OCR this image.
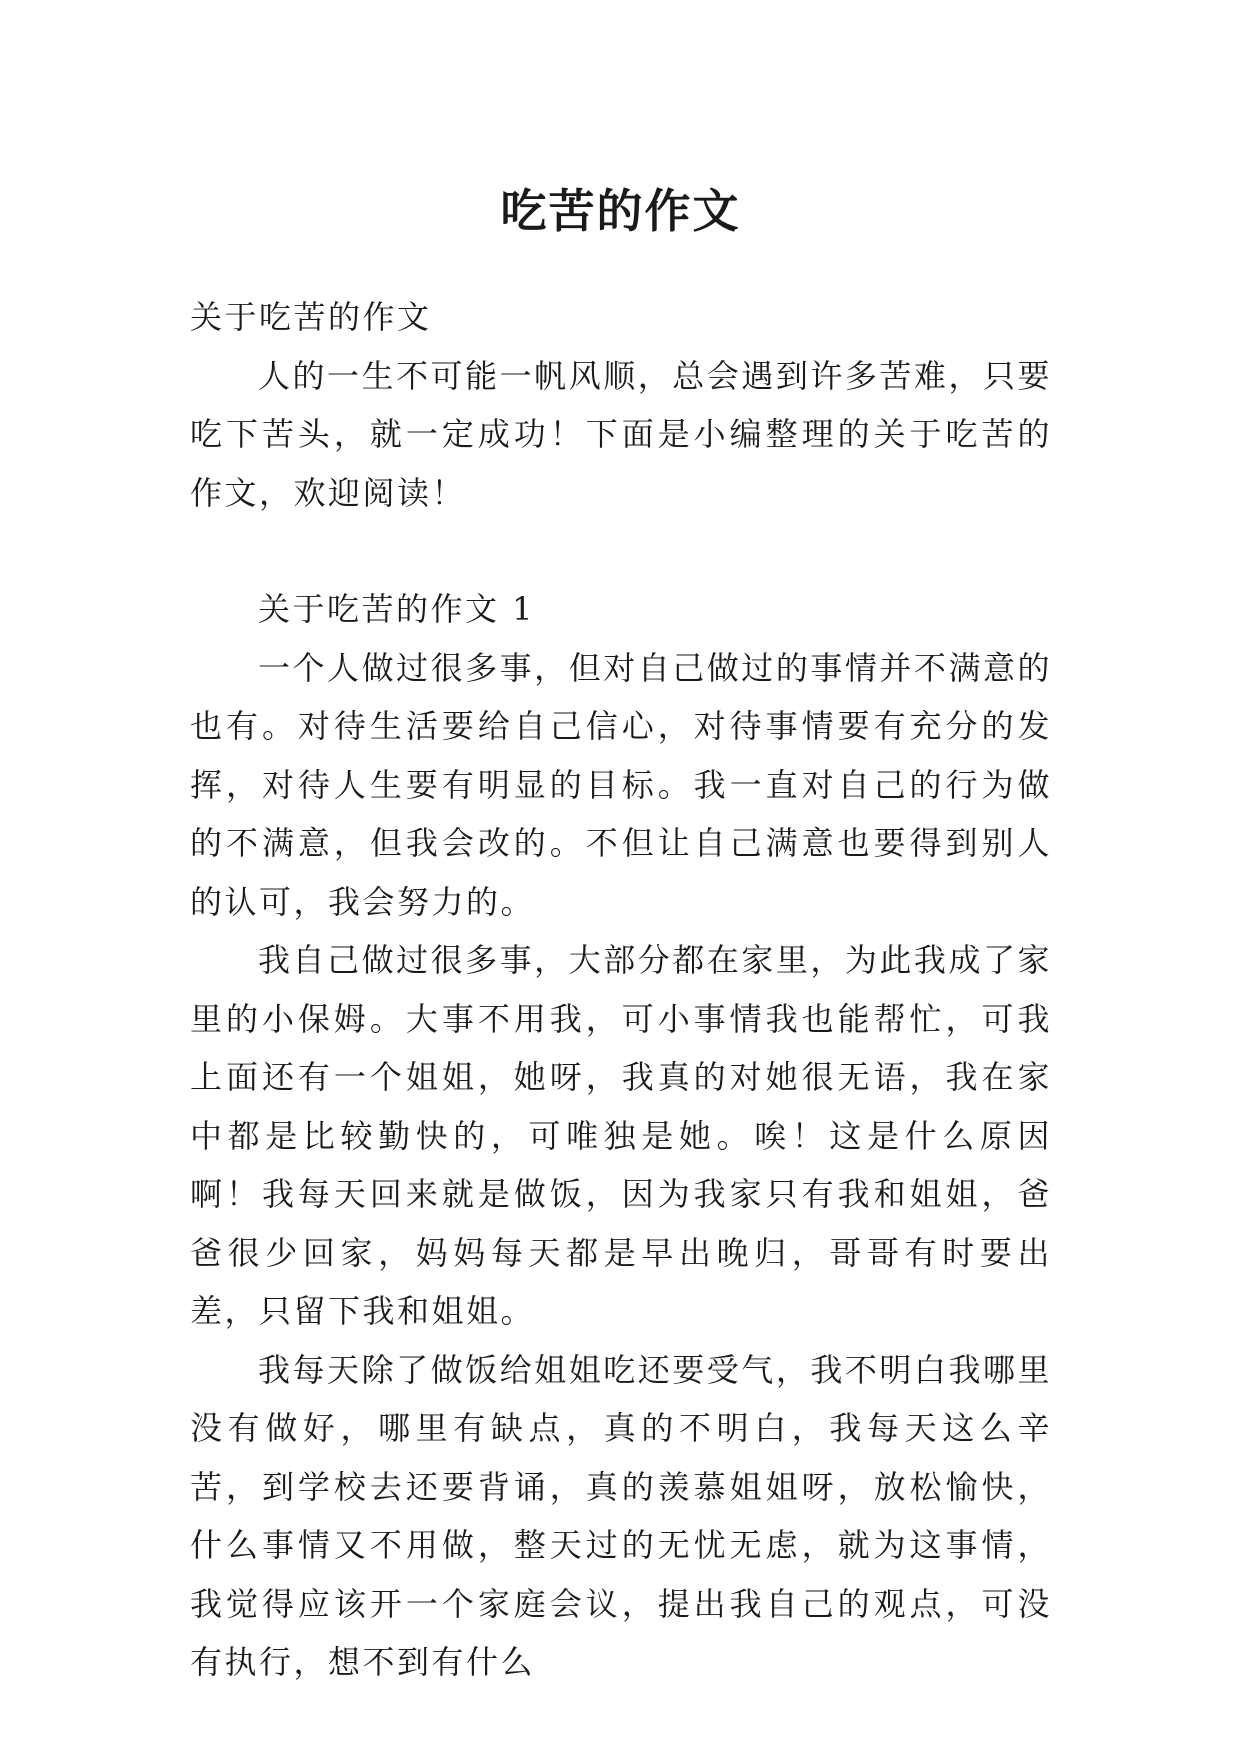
吃苦的作文

关于吃苦的作文

人的一生不可能一帆风顺，总会遇到许多苦难，只要吃下苦头，就一定成功！下面是小编整理的关于吃苦的作文，欢迎阅读！

关于吃苦的作文 1

一个人做过很多事，但对自己做过的事情并不满意的也有。对待生活要给自己信心，对待事情要有充分的发挥，对待人生要有明显的目标。我一直对自己的行为做的不满意，但我会改的。不但让自己满意也要得到别人的认可，我会努力的。

我自己做过很多事，大部分都在家里，为此我成了家里的小保姆。大事不用我，可小事情我也能帮忙，可我上面还有一个姐姐，她呀，我真的对她很无语，我在家中都是比较勤快的，可唯独是她。唉！这是什么原因啊！我每天回来就是做饭，因为我家只有我和姐姐，爸爸很少回家，妈妈每天都是早出晚归，哥哥有时要出差，只留下我和姐姐。

我每天除了做饭给姐姐吃还要受气，我不明白我哪里没有做好，哪里有缺点，真的不明白，我每天这么辛苦，到学校去还要背诵，真的羡慕姐姐呀，放松愉快，什么事情又不用做，整天过的无忧无虑，就为这事情，我觉得应该开一个家庭会议，提出我自己的观点，可没有执行，想不到有什么
